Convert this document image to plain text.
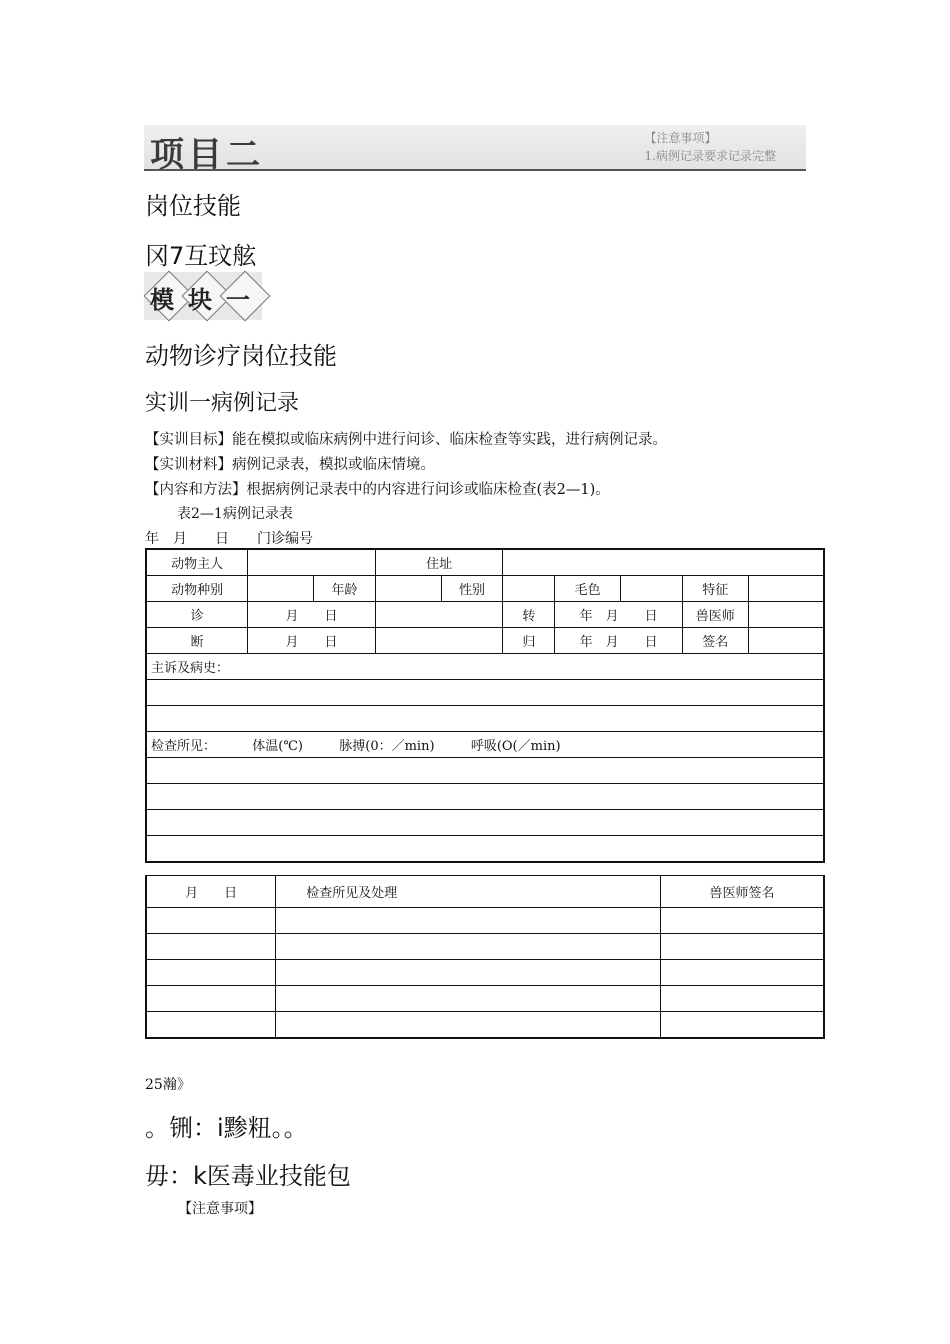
项目二	【注意事项】
1.病例记录要求记录完整
岗位技能
冈7互玟舷
模 块 一
动物诊疗岗位技能
实训一病例记录
【实训目标】能在模拟或临床病例中进行问诊、临床检查等实践，进行病例记录。
【实训材料】病例记录表，模拟或临床情境。
【内容和方法】根据病例记录表中的内容进行问诊或临床检查(表2—1)。
表2—1病例记录表
年　月　　日　　门诊编号
动物主人			住址						
动物种别		年龄		性别		毛色		特征	
诊	月　　日				转	年　月　　日		兽医师	
断	月　　日				归	年　月　　日		签名	
主诉及病史：									

检查所见： 体温(℃) 脉搏(0：／min) 呼吸(O(／min)									

月　　日	检查所见及处理	兽医师签名

25瀚》
。铏：i黪粈。。
毋：k医毒业技能包
【注意事项】
